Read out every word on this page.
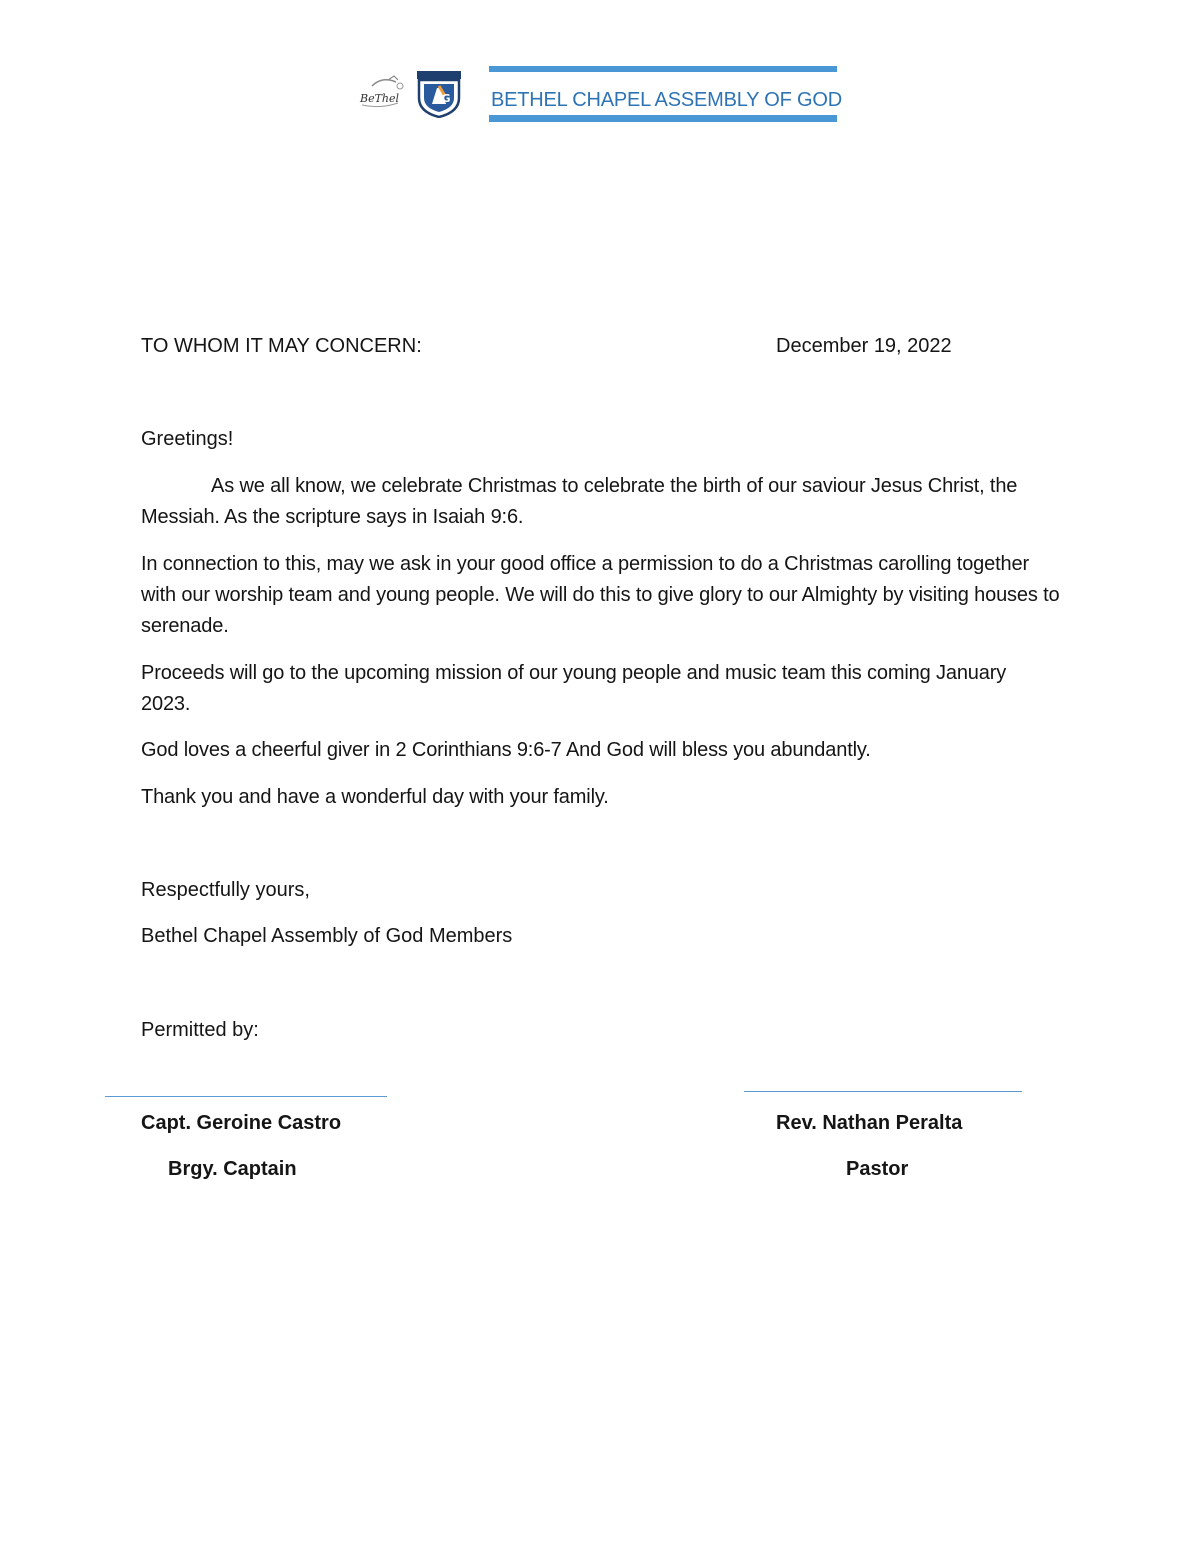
BeThel	AG BETHEL CHAPEL ASSEMBLY OF GOD
TO WHOM IT MAY CONCERN:	December 19, 2022
Greetings!
As we all know, we celebrate Christmas to celebrate the birth of our saviour Jesus Christ, the Messiah. As the scripture says in Isaiah 9:6.
In connection to this, may we ask in your good office a permission to do a Christmas carolling together with our worship team and young people. We will do this to give glory to our Almighty by visiting houses to serenade.
Proceeds will go to the upcoming mission of our young people and music team this coming January 2023.
God loves a cheerful giver in 2 Corinthians 9:6-7 And God will bless you abundantly.
Thank you and have a wonderful day with your family.
Respectfully yours,
Bethel Chapel Assembly of God Members
Permitted by:
Capt. Geroine Castro
Brgy. Captain
Rev. Nathan Peralta
Pastor
